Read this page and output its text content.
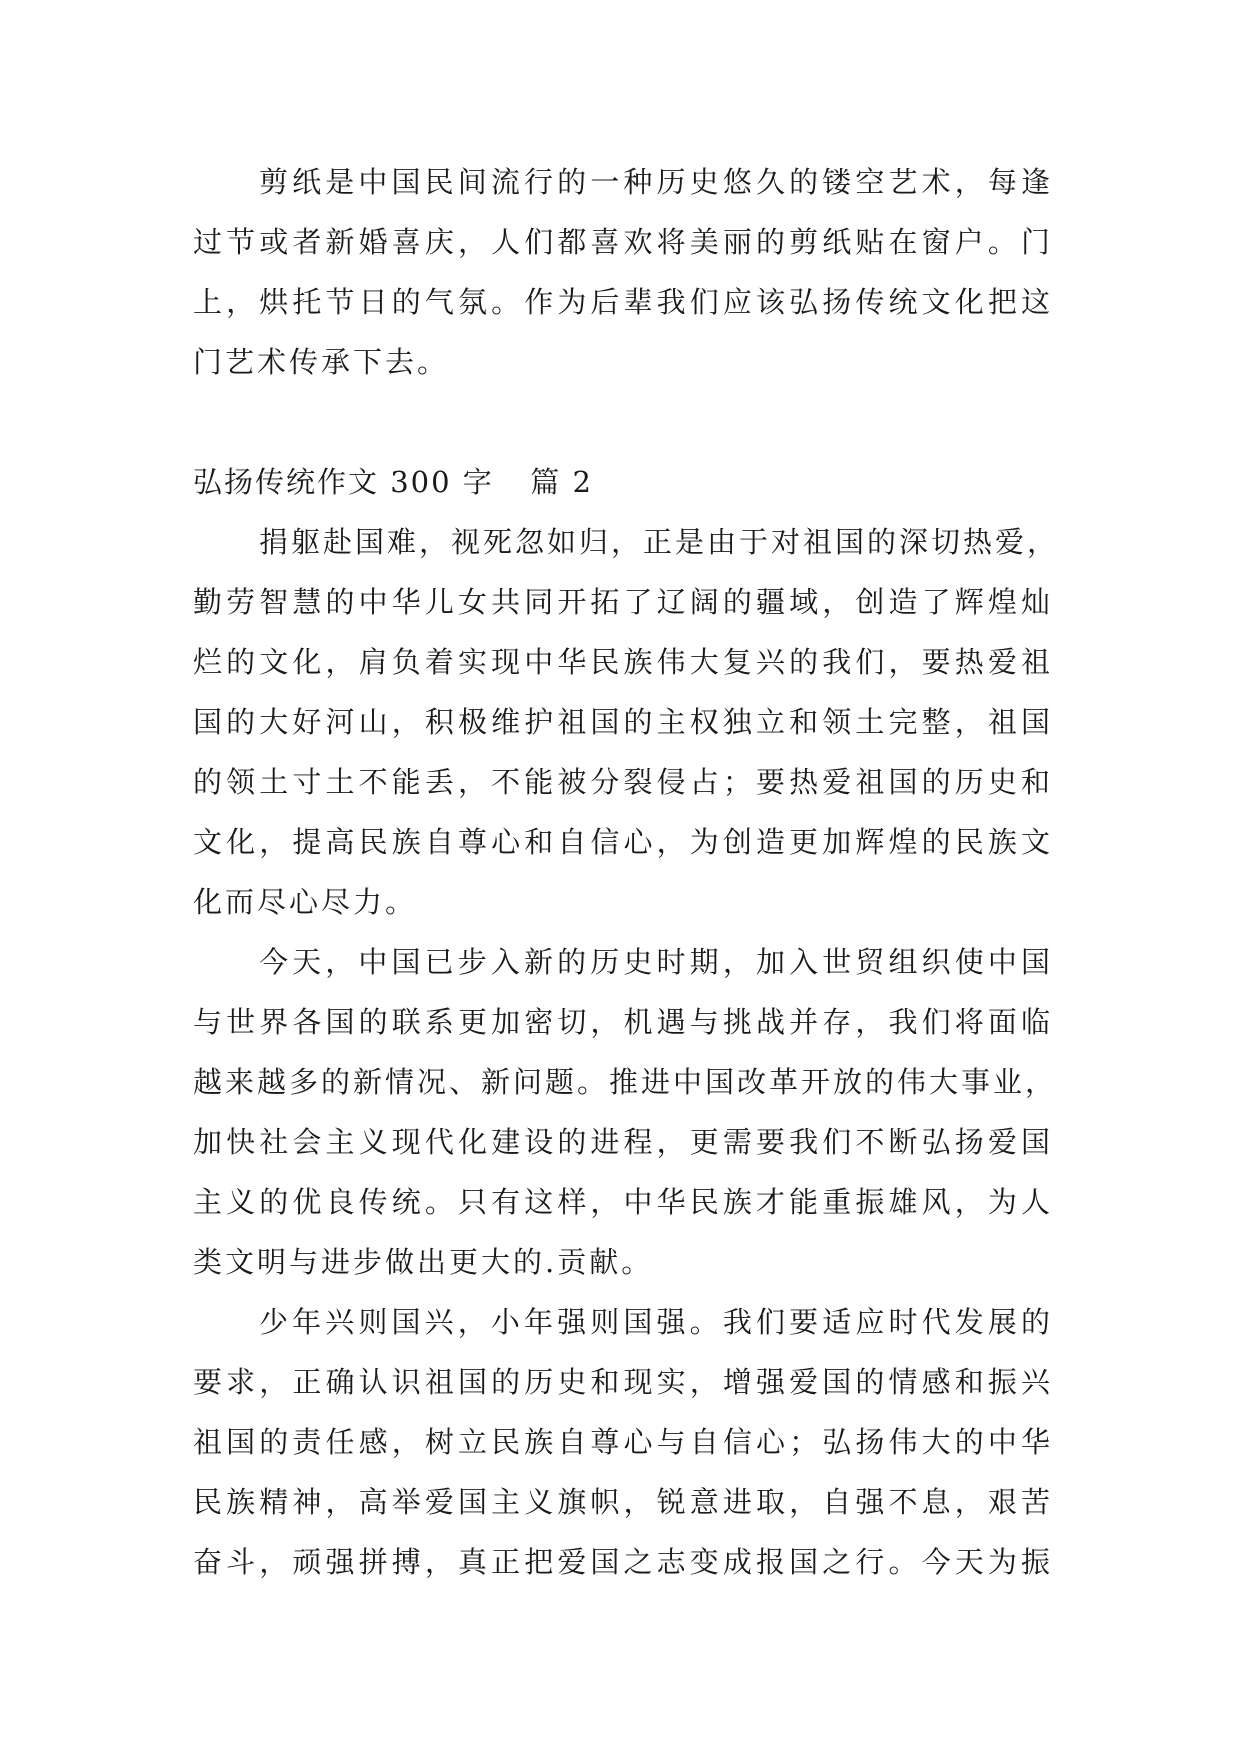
剪纸是中国民间流行的一种历史悠久的镂空艺术，每逢
过节或者新婚喜庆，人们都喜欢将美丽的剪纸贴在窗户。门
上，烘托节日的气氛。作为后辈我们应该弘扬传统文化把这
门艺术传承下去。
弘扬传统作文 300 字 篇 2
捐躯赴国难，视死忽如归，正是由于对祖国的深切热爱，
勤劳智慧的中华儿女共同开拓了辽阔的疆域，创造了辉煌灿
烂的文化，肩负着实现中华民族伟大复兴的我们，要热爱祖
国的大好河山，积极维护祖国的主权独立和领土完整，祖国
的领土寸土不能丢，不能被分裂侵占；要热爱祖国的历史和
文化，提高民族自尊心和自信心，为创造更加辉煌的民族文
化而尽心尽力。
今天，中国已步入新的历史时期，加入世贸组织使中国
与世界各国的联系更加密切，机遇与挑战并存，我们将面临
越来越多的新情况、新问题。推进中国改革开放的伟大事业，
加快社会主义现代化建设的进程，更需要我们不断弘扬爱国
主义的优良传统。只有这样，中华民族才能重振雄风，为人
类文明与进步做出更大的.贡献。
少年兴则国兴，小年强则国强。我们要适应时代发展的
要求，正确认识祖国的历史和现实，增强爱国的情感和振兴
祖国的责任感，树立民族自尊心与自信心；弘扬伟大的中华
民族精神，高举爱国主义旗帜，锐意进取，自强不息，艰苦
奋斗，顽强拼搏，真正把爱国之志变成报国之行。今天为振
